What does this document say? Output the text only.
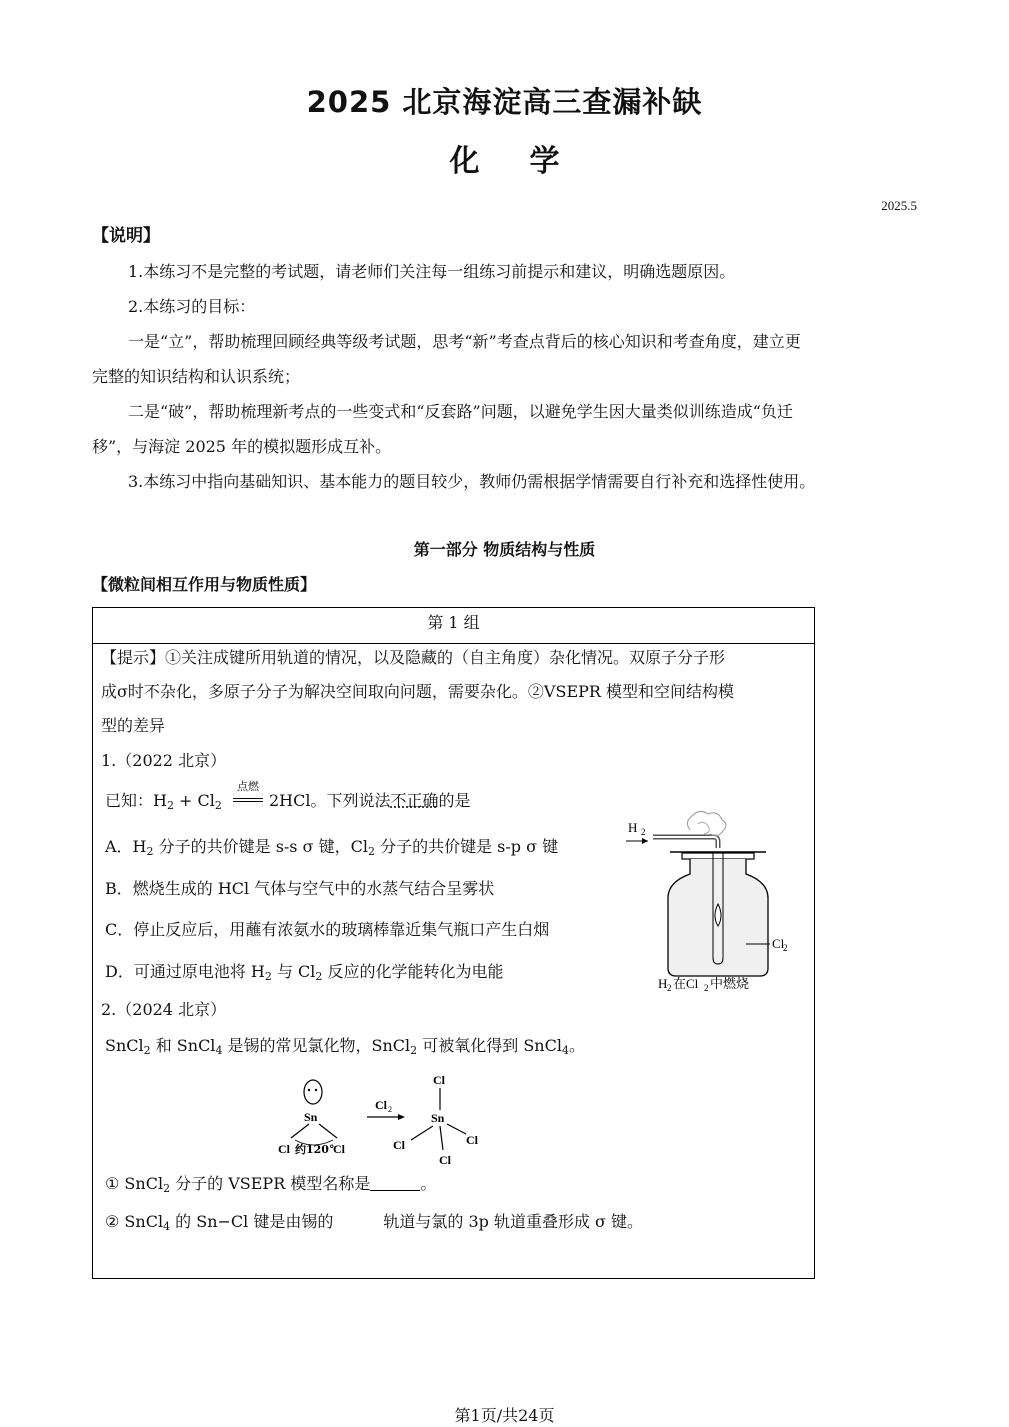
2025 北京海淀高三查漏补缺
化学
2025.5
【说明】
1.本练习不是完整的考试题，请老师们关注每一组练习前提示和建议，明确选题原因。
2.本练习的目标：
一是“立”，帮助梳理回顾经典等级考试题，思考“新”考查点背后的核心知识和考查角度，建立更
完整的知识结构和认识系统；
二是“破”，帮助梳理新考点的一些变式和“反套路”问题，以避免学生因大量类似训练造成“负迁
移”，与海淀 2025 年的模拟题形成互补。
3.本练习中指向基础知识、基本能力的题目较少，教师仍需根据学情需要自行补充和选择性使用。
第一部分 物质结构与性质
【微粒间相互作用与物质性质】
第 1 组
【提示】①关注成键所用轨道的情况，以及隐藏的（自主角度）杂化情况。双原子分子形
成σ时不杂化，多原子分子为解决空间取向问题，需要杂化。②VSEPR 模型和空间结构模
型的差异
1.（2022 北京）
已知：$H_2 + Cl_2$
点燃
2HCl。下列说法不正确的是
A．$H_2$ 分子的共价键是 s-s σ 键，$Cl_2$ 分子的共价键是 s-p σ 键
B．燃烧生成的 HCl 气体与空气中的水蒸气结合呈雾状
C．停止反应后，用蘸有浓氨水的玻璃棒靠近集气瓶口产生白烟
D．可通过原电池将 $H_2$ 与 $Cl_2$ 反应的化学能转化为电能
H 2
Cl
2
H 2 在Cl 2 中燃烧
2.（2024 北京）
SnCl$_2$ 和 SnCl$_4$ 是锡的常见氯化物，SnCl$_2$ 可被氧化得到 SnCl$_4$。
Sn
Cl	Cl
约120°
Cl 2
Cl
Sn
Cl	Cl
Cl
① SnCl$_2$ 分子的 VSEPR 模型名称是	。
② SnCl$_4$ 的 Sn−Cl 键是由锡的	轨道与氯的 3p 轨道重叠形成 σ 键。
第1页/共24页
